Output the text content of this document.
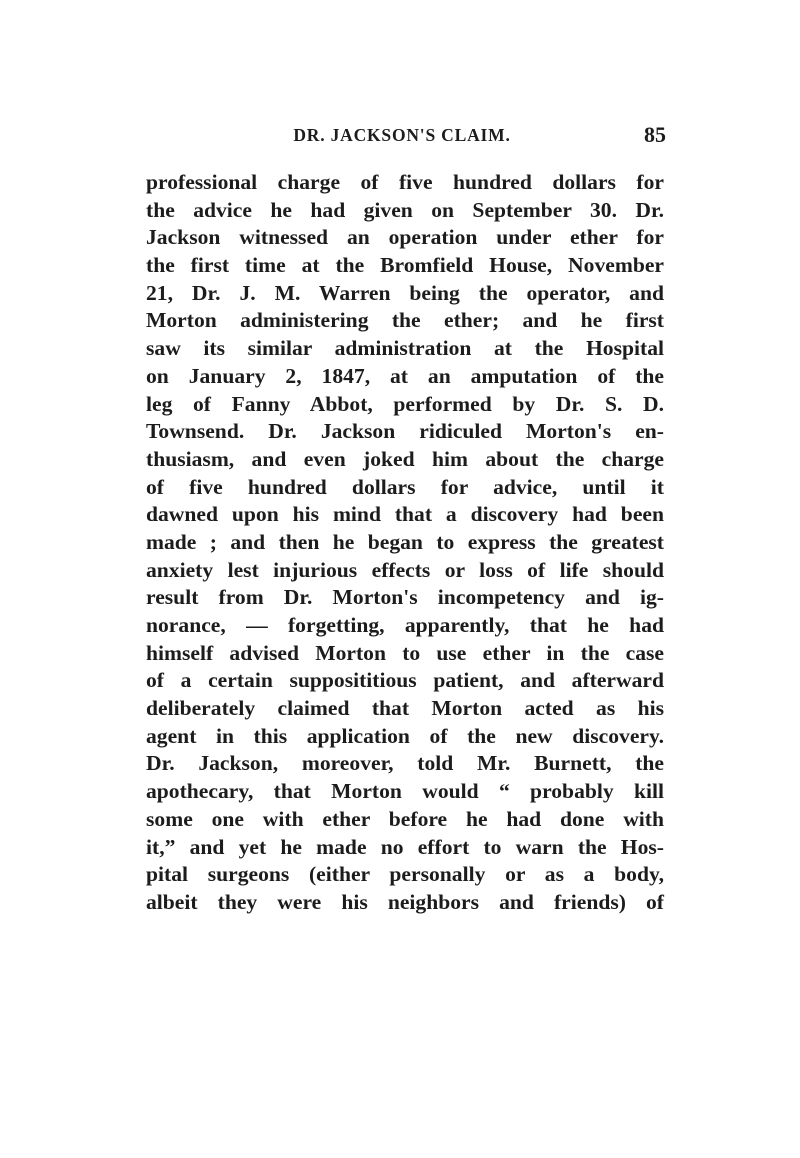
DR. JACKSON'S CLAIM.	85
professional charge of five hundred dollars for
the advice he had given on September 30. Dr.
Jackson witnessed an operation under ether for
the first time at the Bromfield House, November
21, Dr. J. M. Warren being the operator, and
Morton administering the ether; and he first
saw its similar administration at the Hospital
on January 2, 1847, at an amputation of the
leg of Fanny Abbot, performed by Dr. S. D.
Townsend. Dr. Jackson ridiculed Morton's en-
thusiasm, and even joked him about the charge
of five hundred dollars for advice, until it
dawned upon his mind that a discovery had been
made ; and then he began to express the greatest
anxiety lest injurious effects or loss of life should
result from Dr. Morton's incompetency and ig-
norance, — forgetting, apparently, that he had
himself advised Morton to use ether in the case
of a certain supposititious patient, and afterward
deliberately claimed that Morton acted as his
agent in this application of the new discovery.
Dr. Jackson, moreover, told Mr. Burnett, the
apothecary, that Morton would “ probably kill
some one with ether before he had done with
it,” and yet he made no effort to warn the Hos-
pital surgeons (either personally or as a body,
albeit they were his neighbors and friends) of
